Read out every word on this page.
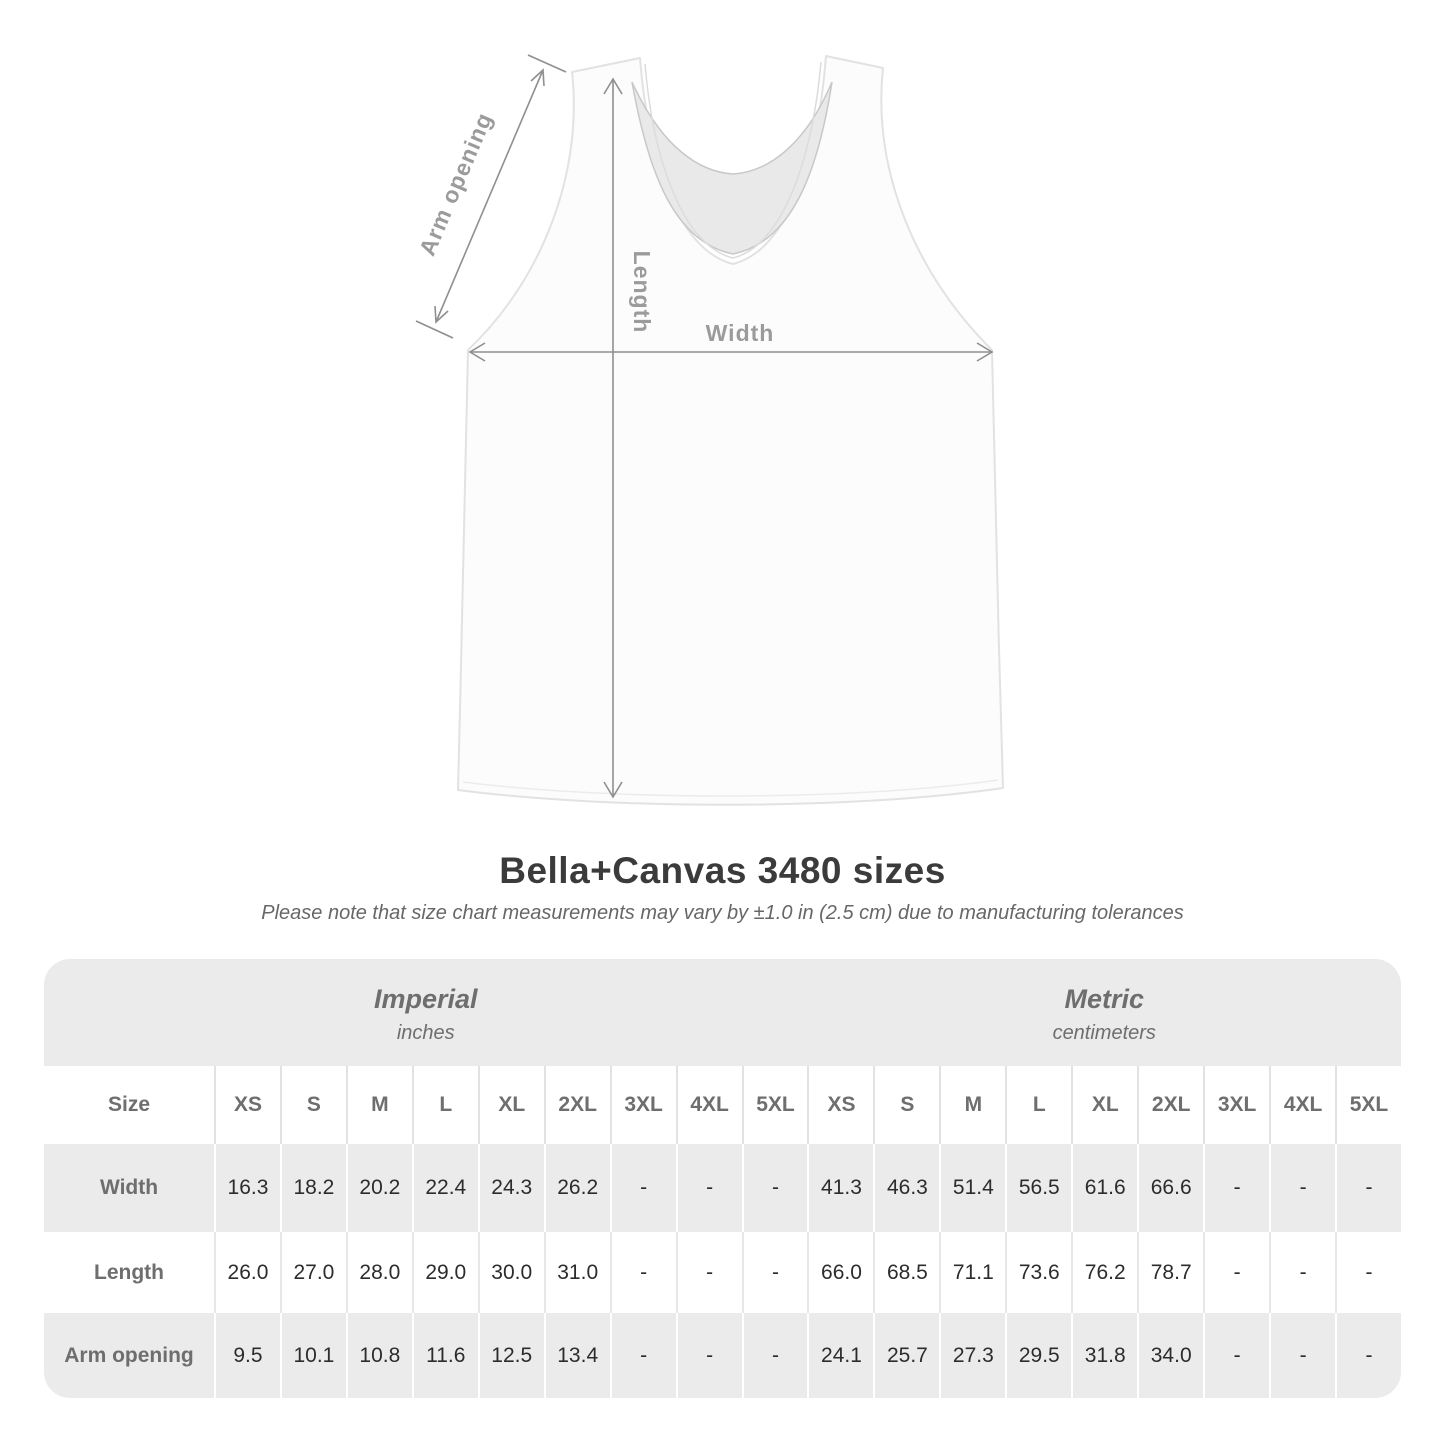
Arm opening
Length Width
Bella+Canvas 3480 sizes

Please note that size chart measurements may vary by ±1.0 in (2.5 cm) due to manufacturing tolerances

Imperial
inches
Metric
centimeters
Size	XS	S	M	L	XL	2XL	3XL	4XL	5XL	XS	S	M	L	XL	2XL	3XL	4XL	5XL
Width	16.3	18.2	20.2	22.4	24.3	26.2	-	-	-	41.3	46.3	51.4	56.5	61.6	66.6	-	-	-
Length	26.0	27.0	28.0	29.0	30.0	31.0	-	-	-	66.0	68.5	71.1	73.6	76.2	78.7	-	-	-
Arm opening	9.5	10.1	10.8	11.6	12.5	13.4	-	-	-	24.1	25.7	27.3	29.5	31.8	34.0	-	-	-
